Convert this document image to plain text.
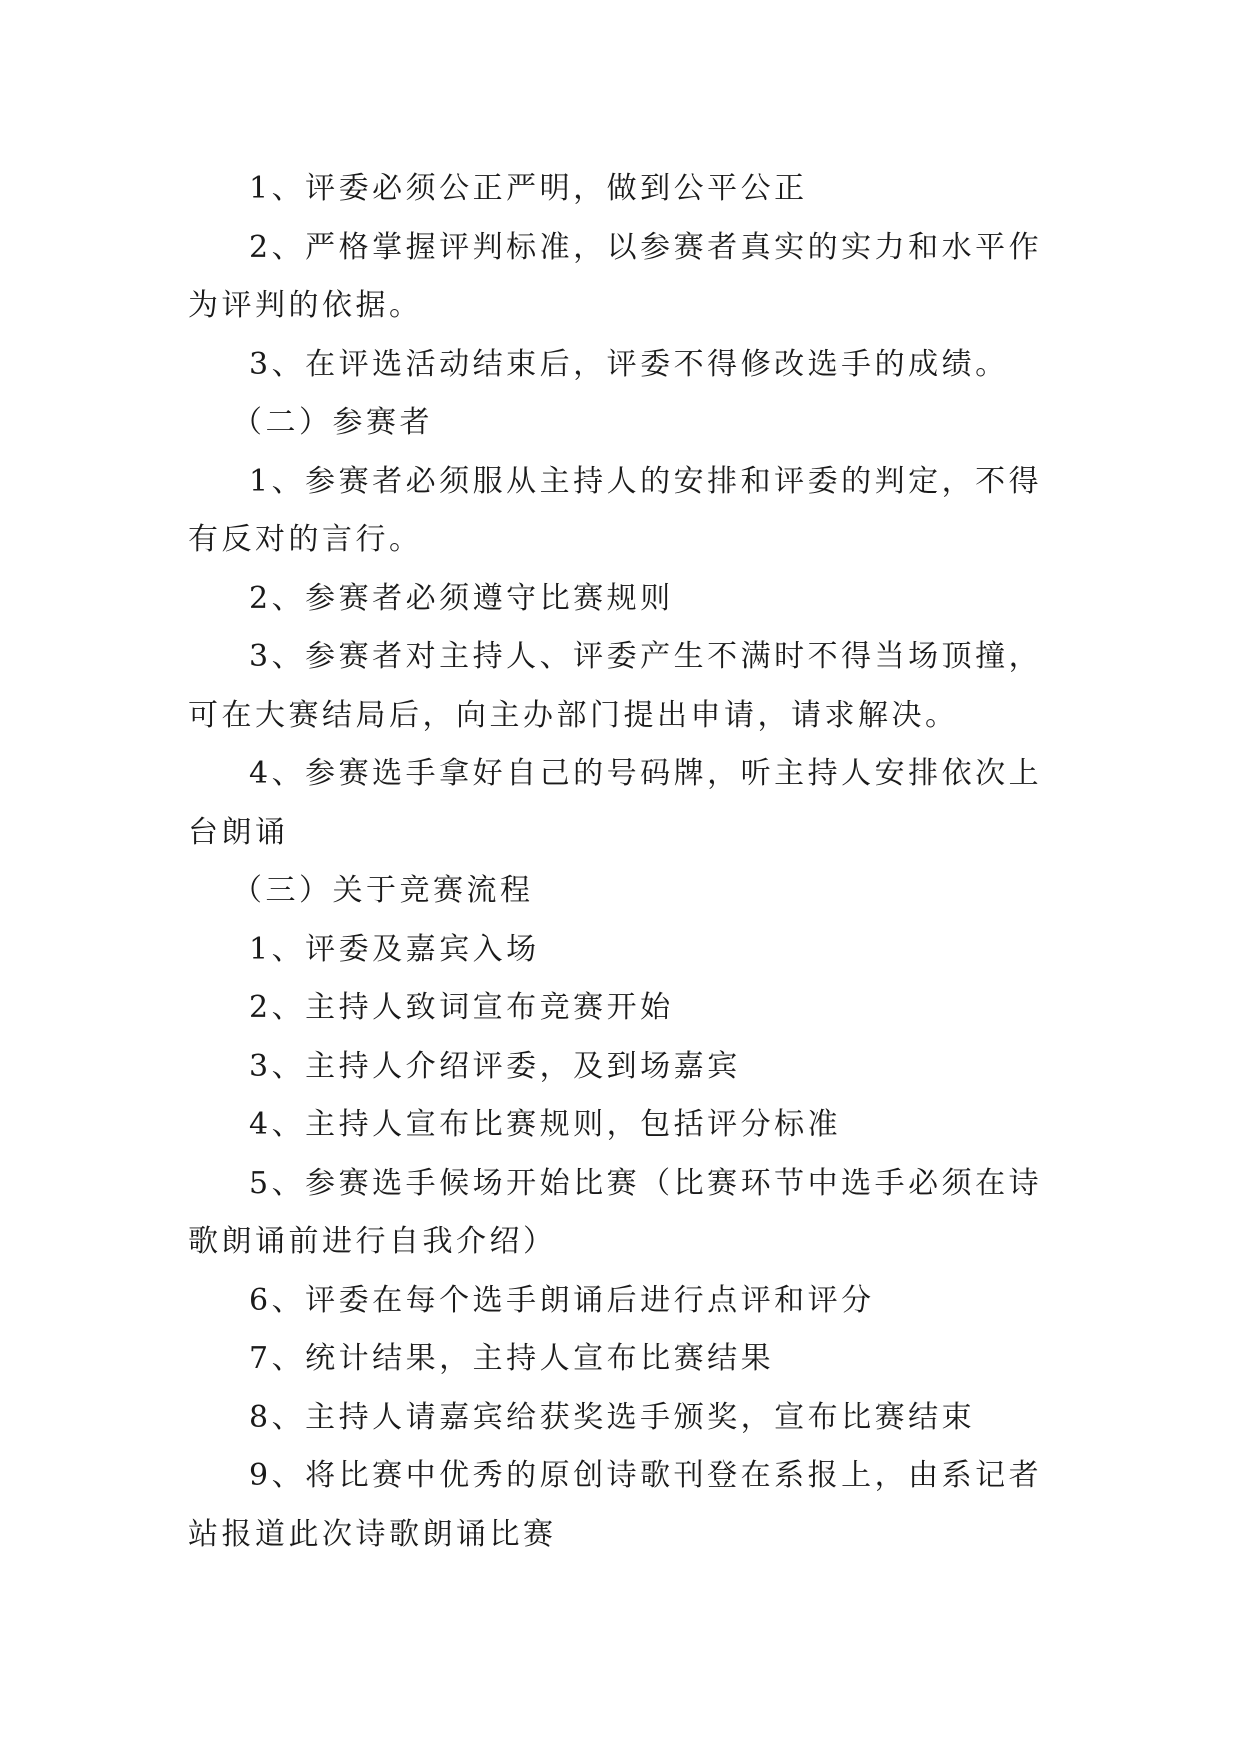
1、评委必须公正严明，做到公平公正

2、严格掌握评判标准，以参赛者真实的实力和水平作为评判的依据。

3、在评选活动结束后，评委不得修改选手的成绩。

（二）参赛者

1、参赛者必须服从主持人的安排和评委的判定，不得有反对的言行。

2、参赛者必须遵守比赛规则

3、参赛者对主持人、评委产生不满时不得当场顶撞，可在大赛结局后，向主办部门提出申请，请求解决。

4、参赛选手拿好自己的号码牌，听主持人安排依次上台朗诵

（三）关于竞赛流程

1、评委及嘉宾入场

2、主持人致词宣布竞赛开始

3、主持人介绍评委，及到场嘉宾

4、主持人宣布比赛规则，包括评分标准

5、参赛选手候场开始比赛（比赛环节中选手必须在诗歌朗诵前进行自我介绍）

6、评委在每个选手朗诵后进行点评和评分

7、统计结果，主持人宣布比赛结果

8、主持人请嘉宾给获奖选手颁奖，宣布比赛结束

9、将比赛中优秀的原创诗歌刊登在系报上，由系记者站报道此次诗歌朗诵比赛
